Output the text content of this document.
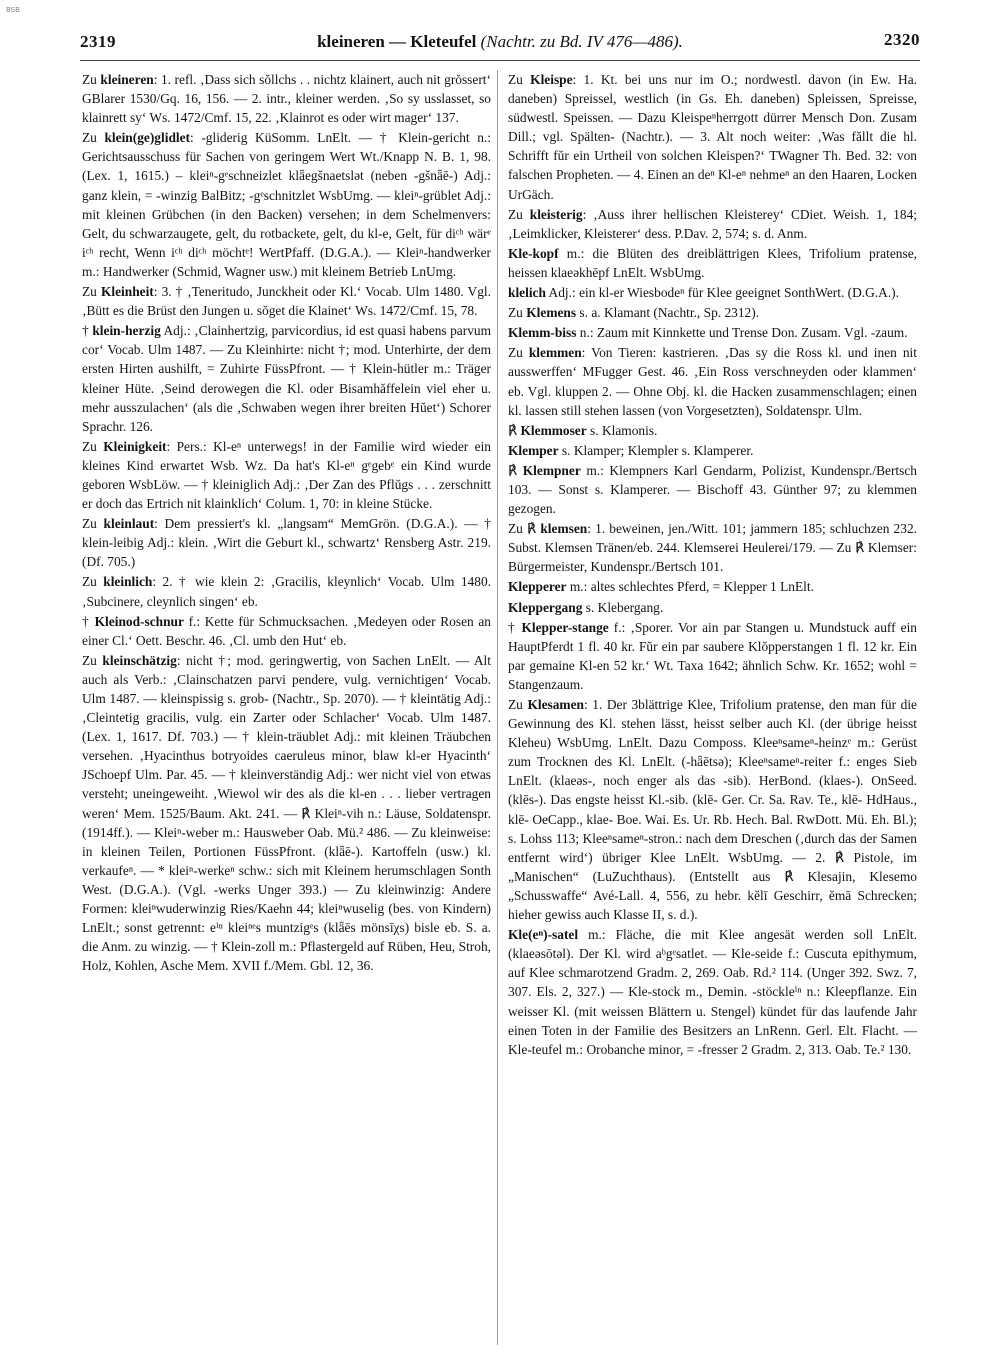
BSB
2319	kleineren — Kleteufel (Nachtr. zu Bd. IV 476—486).	2320

Zu kleineren: 1. refl. ‚Dass sich sŏllchs . . nichtz klainert, auch nit grŏssert‘ GBlarer 1530/Gq. 16, 156. — 2. intr., kleiner werden. ‚So sy usslasset, so klainrett sy‘ Ws. 1472/Cmf. 15, 22. ‚Klainrot es oder wirt mager‘ 137.

Zu klein(ge)glidlet: -gliderig KüSomm. LnElt. — † Klein-gericht n.: Gerichtsausschuss für Sachen von geringem Wert Wt./Knapp N. B. 1, 98. (Lex. 1, 1615.) – kleiⁿ-gᵉschneizlet klǟegšnaetslǝt (neben -gšnǟē-) Adj.: ganz klein, = -winzig BalBitz; -gᵉschnitzlet WsbUmg. — kleiⁿ-grüblet Adj.: mit kleinen Grübchen (in den Backen) versehen; in dem Schelmenvers: Gelt, du schwarzaugete, gelt, du rotbackete, gelt, du kl-e, Gelt, für diᶜʰ wärᵉ iᶜʰ recht, Wenn iᶜʰ diᶜʰ möchtᵉ! WertPfaff. (D.G.A.). — Kleiⁿ-handwerker m.: Handwerker (Schmid, Wagner usw.) mit kleinem Betrieb LnUmg.

Zu Kleinheit: 3. † ‚Teneritudo, Junckheit oder Kl.‘ Vocab. Ulm 1480. Vgl. ‚Bütt es die Brüst den Jungen u. sŏget die Klainet‘ Ws. 1472/Cmf. 15, 78.

† klein-herzig Adj.: ‚Clainhertzig, parvicordius, id est quasi habens parvum cor‘ Vocab. Ulm 1487. — Zu Kleinhirte: nicht †; mod. Unterhirte, der dem ersten Hirten aushilft, = Zuhirte FüssPfront. — † Klein-hütler m.: Träger kleiner Hüte. ‚Seind derowegen die Kl. oder Bisamhăffelein viel eher u. mehr ausszulachen‘ (als die ‚Schwaben wegen ihrer breiten Hŭet‘) Schorer Sprachr. 126.

Zu Kleinigkeit: Pers.: Kl-eⁿ unterwegs! in der Familie wird wieder ein kleines Kind erwartet Wsb. Wz. Da hat's Kl-eⁿ gᵉgebᵉ ein Kind wurde geboren WsbLöw. — † kleiniglich Adj.: ‚Der Zan des Pflŭgs . . . zerschnitt er doch das Ertrich nit klainklich‘ Colum. 1, 70: in kleine Stücke.

Zu kleinlaut: Dem pressiert's kl. „langsam“ MemGrön. (D.G.A.). — † klein-leibig Adj.: klein. ‚Wirt die Geburt kl., schwartz‘ Rensberg Astr. 219. (Df. 705.)

Zu kleinlich: 2. † wie klein 2: ‚Gracilis, kleynlich‘ Vocab. Ulm 1480. ‚Subcinere, cleynlich singen‘ eb.

† Kleinod-schnur f.: Kette für Schmucksachen. ‚Medeyen oder Rosen an einer Cl.‘ Oett. Beschr. 46. ‚Cl. umb den Hut‘ eb.

Zu kleinschätzig: nicht †; mod. geringwertig, von Sachen LnElt. — Alt auch als Verb.: ‚Clainschatzen parvi pendere, vulg. vernichtigen‘ Vocab. Ulm 1487. — kleinspissig s. grob- (Nachtr., Sp. 2070). — † kleintätig Adj.: ‚Cleintetig gracilis, vulg. ein Zarter oder Schlacher‘ Vocab. Ulm 1487. (Lex. 1, 1617. Df. 703.) — † klein-träublet Adj.: mit kleinen Träubchen versehen. ‚Hyacinthus botryoides caeruleus minor, blaw kl-er Hyacinth‘ JSchoepf Ulm. Par. 45. — † kleinverständig Adj.: wer nicht viel von etwas versteht; uneingeweiht. ‚Wiewol wir des als die kl-en . . . lieber vertragen weren‘ Mem. 1525/Baum. Akt. 241. — ℟ Kleiⁿ-vih n.: Läuse, Soldatenspr. (1914ff.). — Kleiⁿ-weber m.: Hausweber Oab. Mü.² 486. — Zu kleinweise: in kleinen Teilen, Portionen FüssPfront. (klǟē-). Kartoffeln (usw.) kl. verkaufeⁿ. — * kleiⁿ-werkeⁿ schw.: sich mit Kleinem herumschlagen Sonth West. (D.G.A.). (Vgl. -werks Unger 393.) — Zu kleinwinzig: Andere Formen: kleiⁿwuderwinzig Ries/Kaehn 44; kleiⁿwuselig (bes. von Kindern) LnElt.; sonst getrennt: eⁱⁿ kleiⁿᵉs muntzigᵉs (klǟēs mönsīχs) bisle eb. S. a. die Anm. zu winzig. — † Klein-zoll m.: Pflastergeld auf Rüben, Heu, Stroh, Holz, Kohlen, Asche Mem. XVII f./Mem. Gbl. 12, 36.

Zu Kleispe: 1. Kt. bei uns nur im O.; nordwestl. davon (in Ew. Ha. daneben) Spreissel, westlich (in Gs. Eh. daneben) Spleissen, Spreisse, südwestl. Speissen. — Dazu Kleispeⁿherrgott dürrer Mensch Don. Zusam Dill.; vgl. Spälten- (Nachtr.). — 3. Alt noch weiter: ‚Was făllt die hl. Schrifft fŭr ein Urtheil von solchen Kleispen?‘ TWagner Th. Bed. 32: von falschen Propheten. — 4. Einen an deⁿ Kl-eⁿ nehmeⁿ an den Haaren, Locken UrGäch.

Zu kleisterig: ‚Auss ihrer hellischen Kleisterey‘ CDiet. Weish. 1, 184; ‚Leimklicker, Kleisterer‘ dess. P.Dav. 2, 574; s. d. Anm.

Kle-kopf m.: die Blüten des dreiblättrigen Klees, Trifolium pratense, heissen klaeǝkhēpf LnElt. WsbUmg.

klelich Adj.: ein kl-er Wiesbodeⁿ für Klee geeignet SonthWert. (D.G.A.).

Zu Klemens s. a. Klamant (Nachtr., Sp. 2312).

Klemm-biss n.: Zaum mit Kinnkette und Trense Don. Zusam. Vgl. -zaum.

Zu klemmen: Von Tieren: kastrieren. ‚Das sy die Ross kl. und inen nit ausswerffen‘ MFugger Gest. 46. ‚Ein Ross verschneyden oder klammen‘ eb. Vgl. kluppen 2. — Ohne Obj. kl. die Hacken zusammenschlagen; einen kl. lassen still stehen lassen (von Vorgesetzten), Soldatenspr. Ulm.

℟ Klemmoser s. Klamonis.

Klemper s. Klamper; Klempler s. Klamperer.

℟ Klempner m.: Klempners Karl Gendarm, Polizist, Kundenspr./Bertsch 103. — Sonst s. Klamperer. — Bischoff 43. Günther 97; zu klemmen gezogen.

Zu ℟ klemsen: 1. beweinen, jen./Witt. 101; jammern 185; schluchzen 232. Subst. Klemsen Tränen/eb. 244. Klemserei Heulerei/179. — Zu ℟ Klemser: Bürgermeister, Kundenspr./Bertsch 101.

Klepperer m.: altes schlechtes Pferd, = Klepper 1 LnElt.

Kleppergang s. Klebergang.

† Klepper-stange f.: ‚Sporer. Vor ain par Stangen u. Mundstuck auff ein HauptPferdt 1 fl. 40 kr. Fŭr ein par saubere Klŏpperstangen 1 fl. 12 kr. Ein par gemaine Kl-en 52 kr.‘ Wt. Taxa 1642; ähnlich Schw. Kr. 1652; wohl = Stangenzaum.

Zu Klesamen: 1. Der 3blättrige Klee, Trifolium pratense, den man für die Gewinnung des Kl. stehen lässt, heisst selber auch Kl. (der übrige heisst Kleheu) WsbUmg. LnElt. Dazu Composs. Kleeⁿsameⁿ-heinzᵉ m.: Gerüst zum Trocknen des Kl. LnElt. (-hǟētsǝ); Kleeⁿsameⁿ-reiter f.: enges Sieb LnElt. (klaeǝs-, noch enger als das -sib). HerBond. (klaes-). OnSeed. (klēs-). Das engste heisst Kl.-sib. (klē- Ger. Cr. Sa. Rav. Te., klē- HdHaus., klē- OeCapp., klae- Boe. Wai. Es. Ur. Rb. Hech. Bal. RwDott. Mü. Eh. Bl.); s. Lohss 113; Kleeⁿsameⁿ-stron.: nach dem Dreschen (‚durch das der Samen entfernt wird‘) übriger Klee LnElt. WsbUmg. — 2. ℟ Pistole, im „Manischen“ (LuZuchthaus). (Entstellt aus ℟ Klesajin, Klesemo „Schusswaffe“ Avé-Lall. 4, 556, zu hebr. kĕlī Geschirr, ĕmā Schrecken; hieher gewiss auch Klasse II, s. d.).

Kle(eⁿ)-satel m.: Fläche, die mit Klee angesät werden soll LnElt. (klaeǝsōtǝl). Der Kl. wird aᵇgᵉsatlet. — Kle-seide f.: Cuscuta epithymum, auf Klee schmarotzend Gradm. 2, 269. Oab. Rd.² 114. (Unger 392. Swz. 7, 307. Els. 2, 327.) — Kle-stock m., Demin. -stöckleⁱⁿ n.: Kleepflanze. Ein weisser Kl. (mit weissen Blättern u. Stengel) kündet für das laufende Jahr einen Toten in der Familie des Besitzers an LnRenn. Gerl. Elt. Flacht. — Kle-teufel m.: Orobanche minor, = -fresser 2 Gradm. 2, 313. Oab. Te.² 130.
